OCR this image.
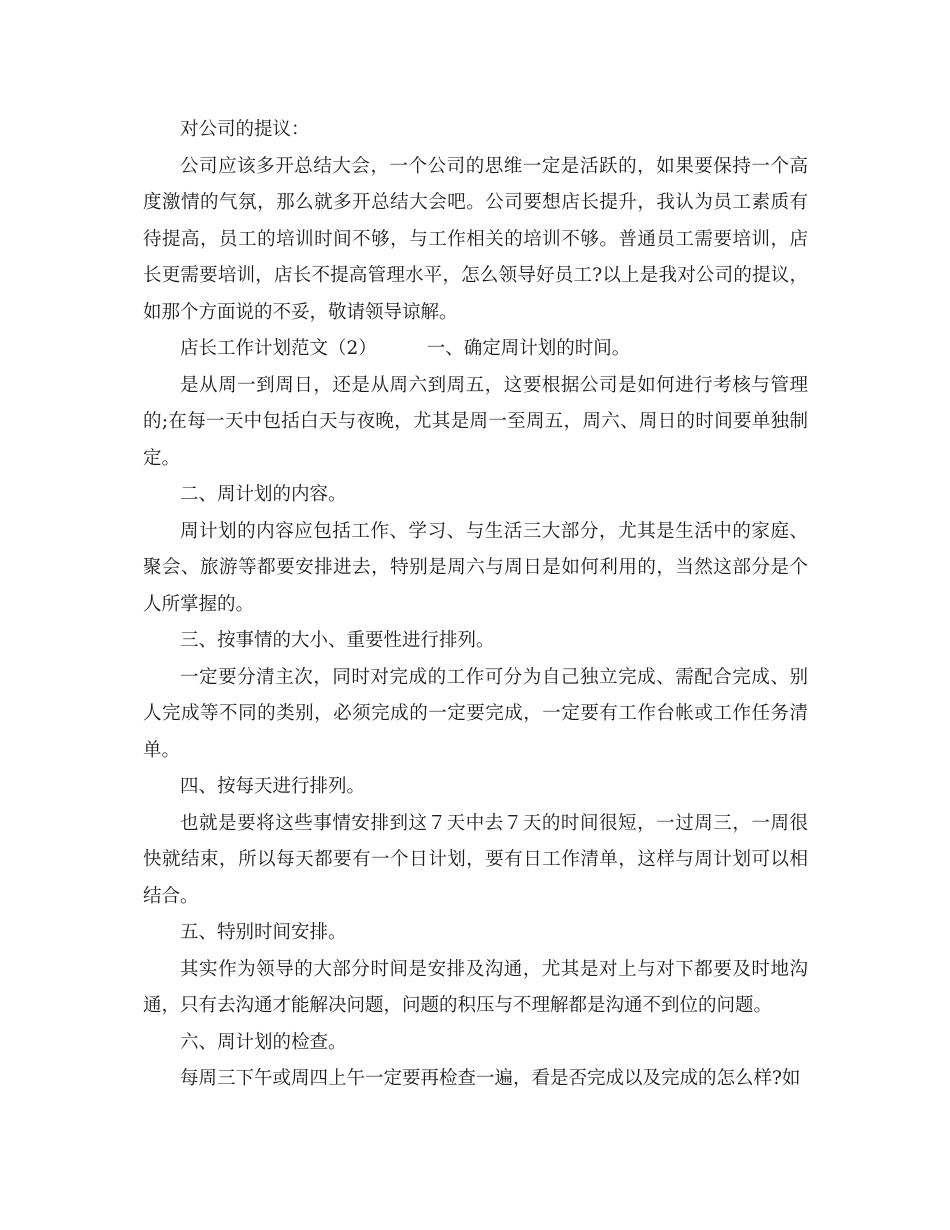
对公司的提议：

公司应该多开总结大会，一个公司的思维一定是活跃的，如果要保持一个高度激情的气氛，那么就多开总结大会吧。公司要想店长提升，我认为员工素质有待提高，员工的培训时间不够，与工作相关的培训不够。普通员工需要培训，店长更需要培训，店长不提高管理水平，怎么领导好员工?以上是我对公司的提议，如那个方面说的不妥，敬请领导谅解。

店长工作计划范文（2）	一、确定周计划的时间。

是从周一到周日，还是从周六到周五，这要根据公司是如何进行考核与管理的;在每一天中包括白天与夜晚，尤其是周一至周五，周六、周日的时间要单独制定。

二、周计划的内容。

周计划的内容应包括工作、学习、与生活三大部分，尤其是生活中的家庭、聚会、旅游等都要安排进去，特别是周六与周日是如何利用的，当然这部分是个人所掌握的。

三、按事情的大小、重要性进行排列。

一定要分清主次，同时对完成的工作可分为自己独立完成、需配合完成、别人完成等不同的类别，必须完成的一定要完成，一定要有工作台帐或工作任务清单。

四、按每天进行排列。

也就是要将这些事情安排到这７天中去７天的时间很短，一过周三，一周很快就结束，所以每天都要有一个日计划，要有日工作清单，这样与周计划可以相结合。

五、特别时间安排。

其实作为领导的大部分时间是安排及沟通，尤其是对上与对下都要及时地沟通，只有去沟通才能解决问题，问题的积压与不理解都是沟通不到位的问题。

六、周计划的检查。

每周三下午或周四上午一定要再检查一遍，看是否完成以及完成的怎么样?如
